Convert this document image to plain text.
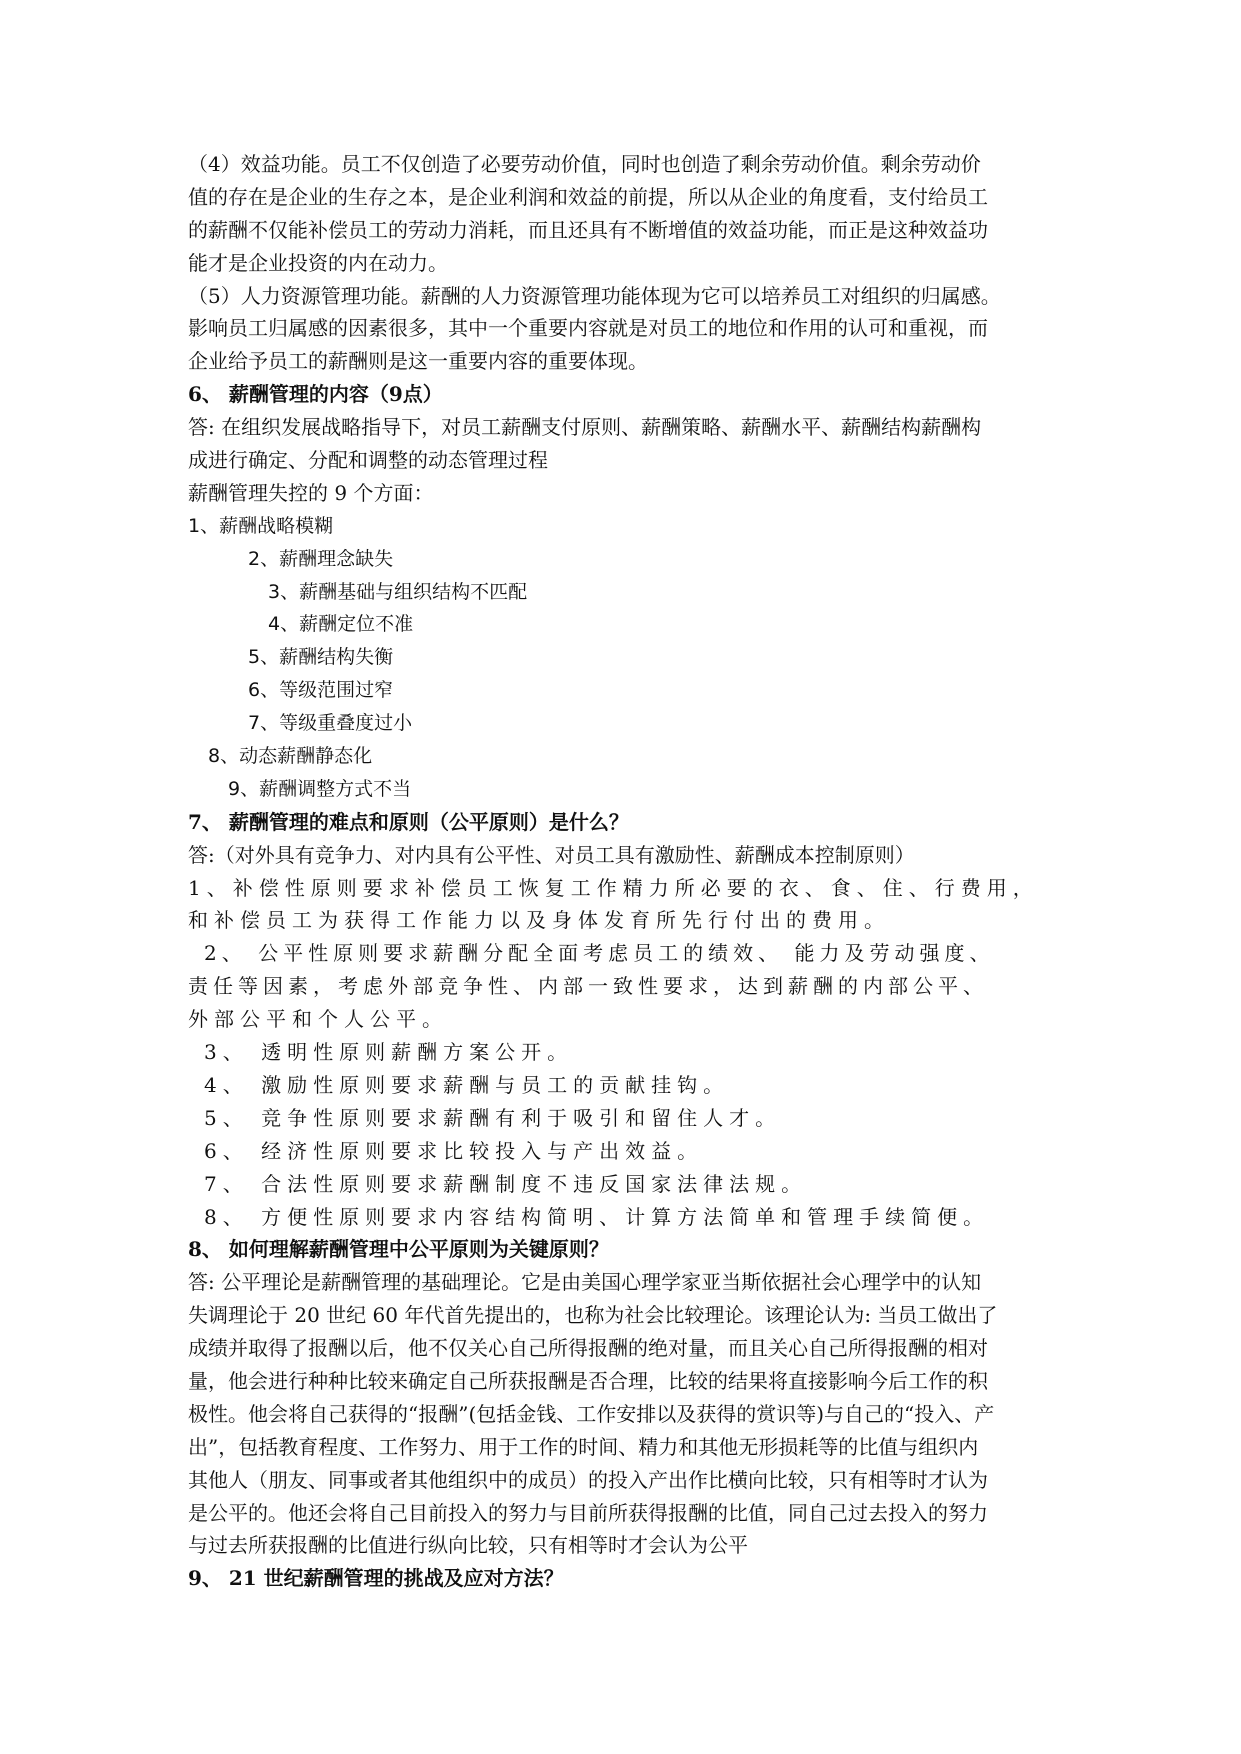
（4）效益功能。员工不仅创造了必要劳动价值，同时也创造了剩余劳动价值。剩余劳动价
值的存在是企业的生存之本，是企业利润和效益的前提，所以从企业的角度看，支付给员工
的薪酬不仅能补偿员工的劳动力消耗，而且还具有不断增值的效益功能，而正是这种效益功
能才是企业投资的内在动力。
（5）人力资源管理功能。薪酬的人力资源管理功能体现为它可以培养员工对组织的归属感。
影响员工归属感的因素很多，其中一个重要内容就是对员工的地位和作用的认可和重视，而
企业给予员工的薪酬则是这一重要内容的重要体现。
6、 薪酬管理的内容（9点）
答: 在组织发展战略指导下，对员工薪酬支付原则、薪酬策略、薪酬水平、薪酬结构薪酬构
成进行确定、分配和调整的动态管理过程
薪酬管理失控的 9 个方面：
1、薪酬战略模糊
2、薪酬理念缺失
3、薪酬基础与组织结构不匹配
4、薪酬定位不准
5、薪酬结构失衡
6、等级范围过窄
7、等级重叠度过小
8、动态薪酬静态化
9、薪酬调整方式不当
7、 薪酬管理的难点和原则（公平原则）是什么？
答:（对外具有竞争力、对内具有公平性、对员工具有激励性、薪酬成本控制原则）
1、补偿性原则要求补偿员工恢复工作精力所必要的衣、食、住、行费用，
和补偿员工为获得工作能力以及身体发育所先行付出的费用。
2、 公平性原则要求薪酬分配全面考虑员工的绩效、 能力及劳动强度、
责任等因素，考虑外部竞争性、内部一致性要求，达到薪酬的内部公平、
外部公平和个人公平。
3、 透明性原则薪酬方案公开。
4、 激励性原则要求薪酬与员工的贡献挂钩。
5、 竞争性原则要求薪酬有利于吸引和留住人才。
6、 经济性原则要求比较投入与产出效益。
7、 合法性原则要求薪酬制度不违反国家法律法规。
8、 方便性原则要求内容结构简明、计算方法简单和管理手续简便。
8、 如何理解薪酬管理中公平原则为关键原则？
答: 公平理论是薪酬管理的基础理论。它是由美国心理学家亚当斯依据社会心理学中的认知
失调理论于 20 世纪 60 年代首先提出的，也称为社会比较理论。该理论认为: 当员工做出了
成绩并取得了报酬以后，他不仅关心自己所得报酬的绝对量，而且关心自己所得报酬的相对
量，他会进行种种比较来确定自己所获报酬是否合理，比较的结果将直接影响今后工作的积
极性。他会将自己获得的“报酬”(包括金钱、工作安排以及获得的赏识等)与自己的“投入、产
出”，包括教育程度、工作努力、用于工作的时间、精力和其他无形损耗等的比值与组织内
其他人（朋友、同事或者其他组织中的成员）的投入产出作比横向比较，只有相等时才认为
是公平的。他还会将自己目前投入的努力与目前所获得报酬的比值，同自己过去投入的努力
与过去所获报酬的比值进行纵向比较，只有相等时才会认为公平
9、 21 世纪薪酬管理的挑战及应对方法？
